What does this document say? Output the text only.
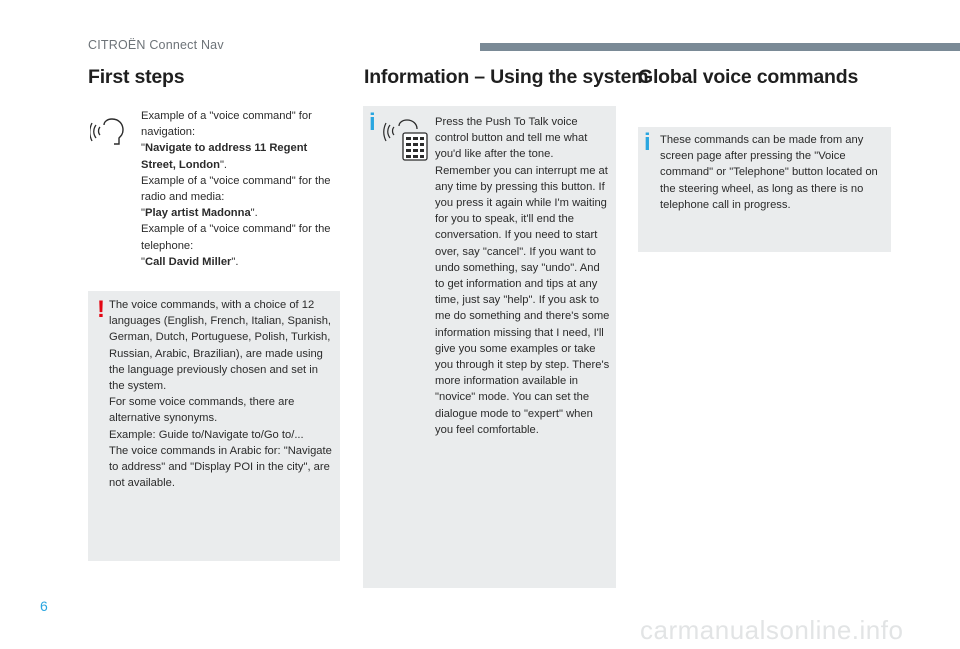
CITROËN Connect Nav
First steps

Example of a "voice command" for navigation:

"Navigate to address 11 Regent Street, London".

Example of a "voice command" for the radio and media:

"Play artist Madonna".

Example of a "voice command" for the telephone:

"Call David Miller".

! The voice commands, with a choice of 12 languages (English, French, Italian, Spanish, German, Dutch, Portuguese, Polish, Turkish, Russian, Arabic, Brazilian), are made using the language previously chosen and set in the system.

For some voice commands, there are alternative synonyms.

Example: Guide to/Navigate to/Go to/...

The voice commands in Arabic for: "Navigate to address" and "Display POI in the city", are not available.

Information – Using the system
i	Press the Push To Talk voice control button and tell me what you'd like after the tone. Remember you can interrupt me at any time by pressing this button. If you press it again while I'm waiting for you to speak, it'll end the conversation. If you need to start over, say "cancel". If you want to undo something, say "undo". And to get information and tips at any time, just say "help". If you ask to me do something and there's some information missing that I need, I'll give you some examples or take you through it step by step. There's more information available in "novice" mode. You can set the dialogue mode to "expert" when you feel comfortable.

Global voice commands
i These commands can be made from any screen page after pressing the "Voice command" or "Telephone" button located on the steering wheel, as long as there is no telephone call in progress.

6
carmanualsonline.info
